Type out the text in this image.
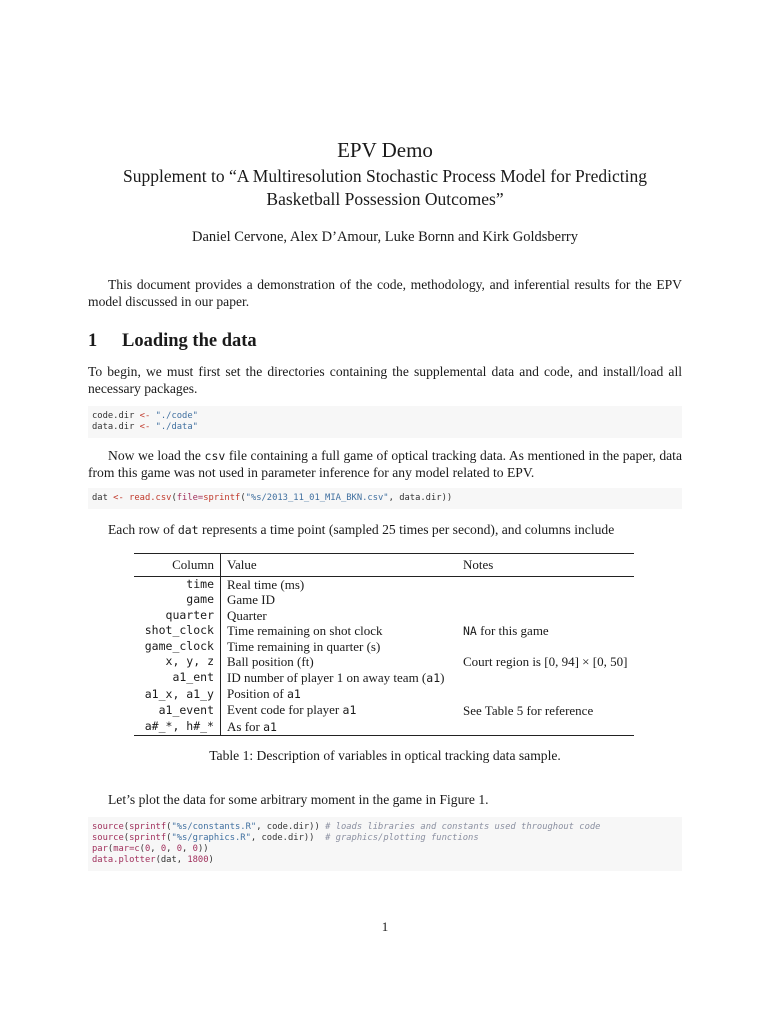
EPV Demo
Supplement to “A Multiresolution Stochastic Process Model for Predicting
Basketball Possession Outcomes”
Daniel Cervone, Alex D’Amour, Luke Bornn and Kirk Goldsberry
This document provides a demonstration of the code, methodology, and inferential results for the EPV model discussed in our paper.
1 Loading the data
To begin, we must first set the directories containing the supplemental data and code, and install/load all necessary packages.
code.dir <- "./code"
data.dir <- "./data"
Now we load the csv file containing a full game of optical tracking data. As mentioned in the paper, data from this game was not used in parameter inference for any model related to EPV.
dat <- read.csv(file=sprintf("%s/2013_11_01_MIA_BKN.csv", data.dir))
Each row of dat represents a time point (sampled 25 times per second), and columns include
Column	Value	Notes
time	Real time (ms)	
game	Game ID	
quarter	Quarter	
shot_clock	Time remaining on shot clock	NA for this game
game_clock	Time remaining in quarter (s)	
x, y, z	Ball position (ft)	Court region is [0, 94] × [0, 50]
a1_ent	ID number of player 1 on away team (a1)	
a1_x, a1_y	Position of a1	
a1_event	Event code for player a1	See Table 5 for reference
a#_*, h#_*	As for a1	
Table 1: Description of variables in optical tracking data sample.
Let’s plot the data for some arbitrary moment in the game in Figure 1.
source(sprintf("%s/constants.R", code.dir)) # loads libraries and constants used throughout code
source(sprintf("%s/graphics.R", code.dir))  # graphics/plotting functions
par(mar=c(0, 0, 0, 0))
data.plotter(dat, 1800)
1
